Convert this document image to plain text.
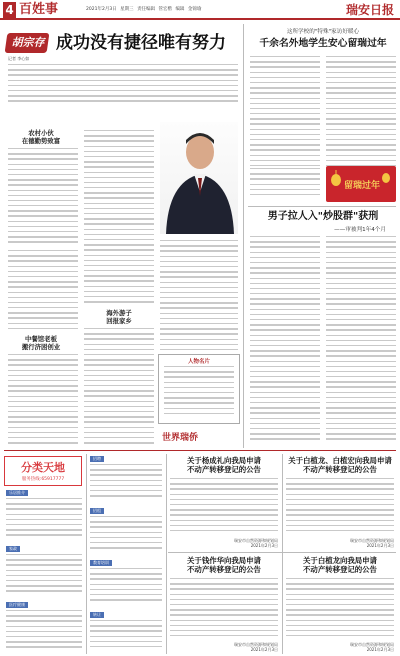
4 百姓事	2021年2月3日 星期三 责任编辑 管宏楷 编辑 金锦瑜	瑞安日报
胡宗存 成功没有捷径唯有努力
记者 李心如
农村小伙
在德勤势致富
中餐馆老板
搬行济困创业
海外游子
回报家乡
人物名片
世界瑞侨
这所学校的"特殊"家访好暖心
千余名外地学生安心留瑞过年
留瑞过年
男子拉人入"炒股群"获刑
——审被判1年4个月
分类天地
服务热线:65917777
乐居推介
家政
医疗健康
招聘
招租
教育培训
转让
关于杨成礼向我局申请
不动产转移登记的公告
瑞安市自然资源和规划局
2021年2月3日
关于白植龙、白植宏向我局申请
不动产转移登记的公告
瑞安市自然资源和规划局
2021年2月3日
关于钱作华向我局申请
不动产转移登记的公告
瑞安市自然资源和规划局
2021年2月3日
关于白植龙向我局申请
不动产转移登记的公告
瑞安市自然资源和规划局
2021年2月3日
